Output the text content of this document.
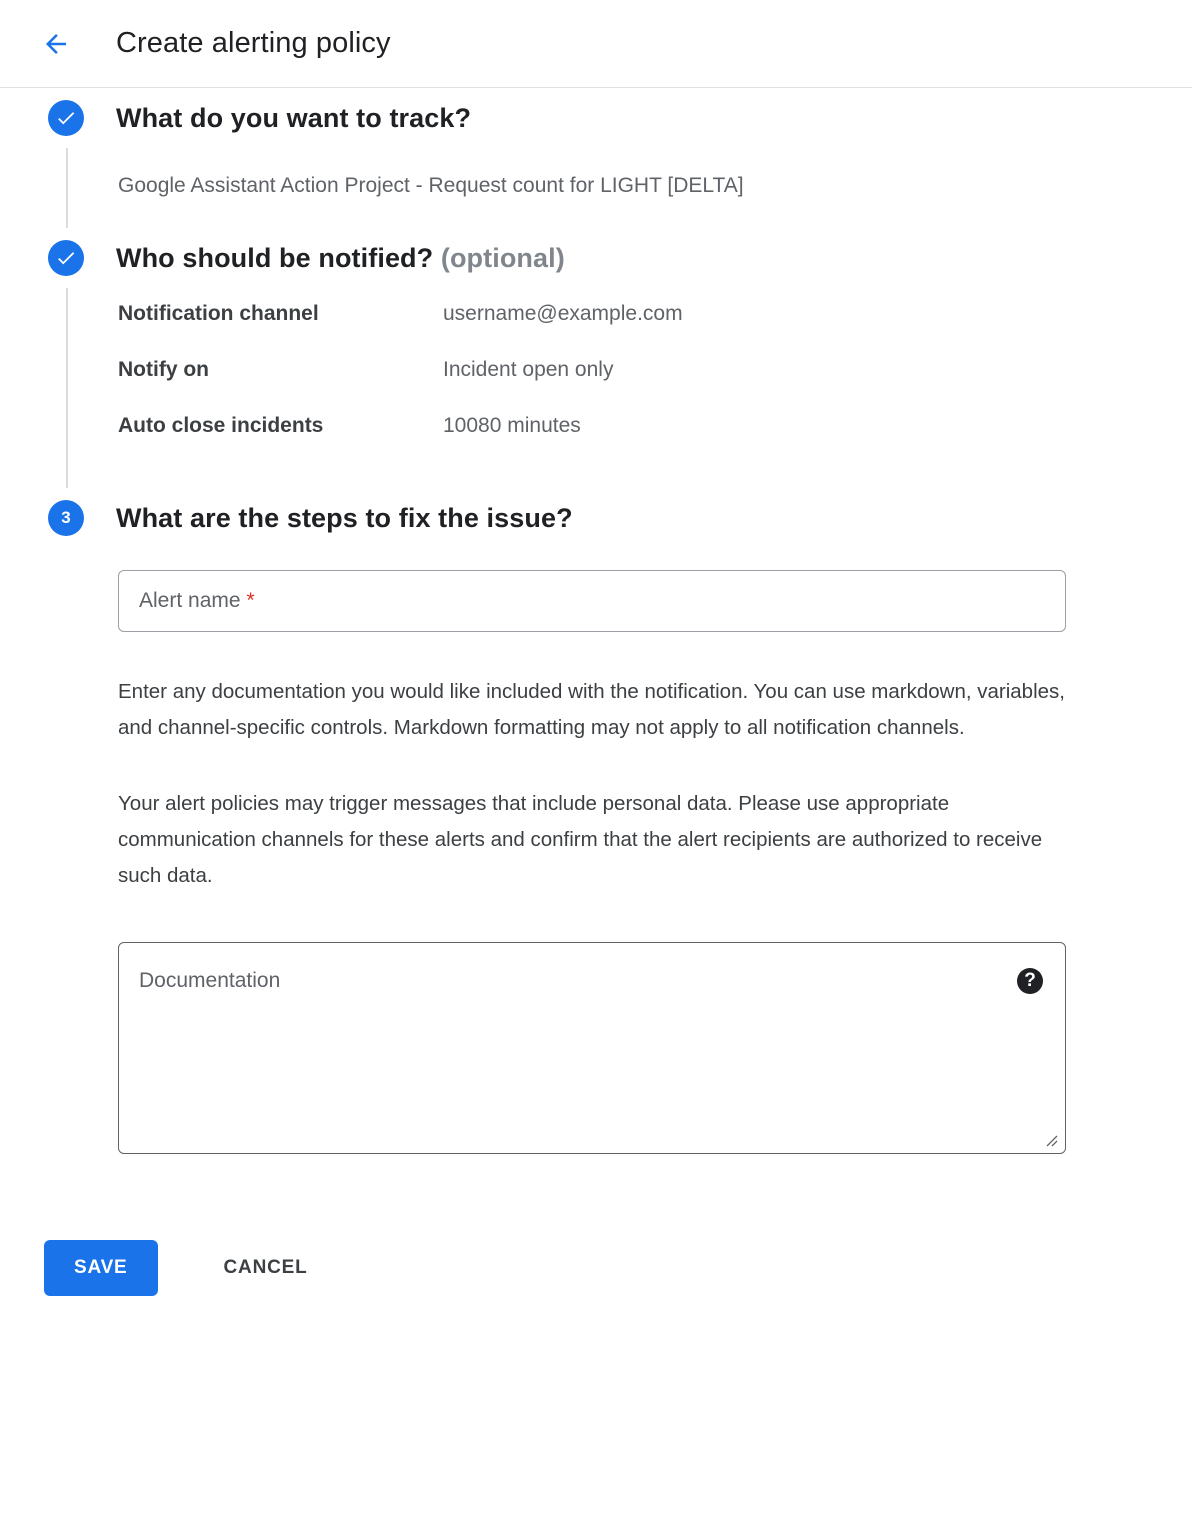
Create alerting policy
What do you want to track?
Google Assistant Action Project - Request count for LIGHT [DELTA]
Who should be notified? (optional)
Notification channel	username@example.com
Notify on	Incident open only
Auto close incidents	10080 minutes
3	What are the steps to fix the issue?
Alert name *
Enter any documentation you would like included with the notification. You can use markdown, variables, and channel-specific controls. Markdown formatting may not apply to all notification channels.
Your alert policies may trigger messages that include personal data. Please use appropriate communication channels for these alerts and confirm that the alert recipients are authorized to receive such data.
Documentation	?
SAVE	CANCEL
